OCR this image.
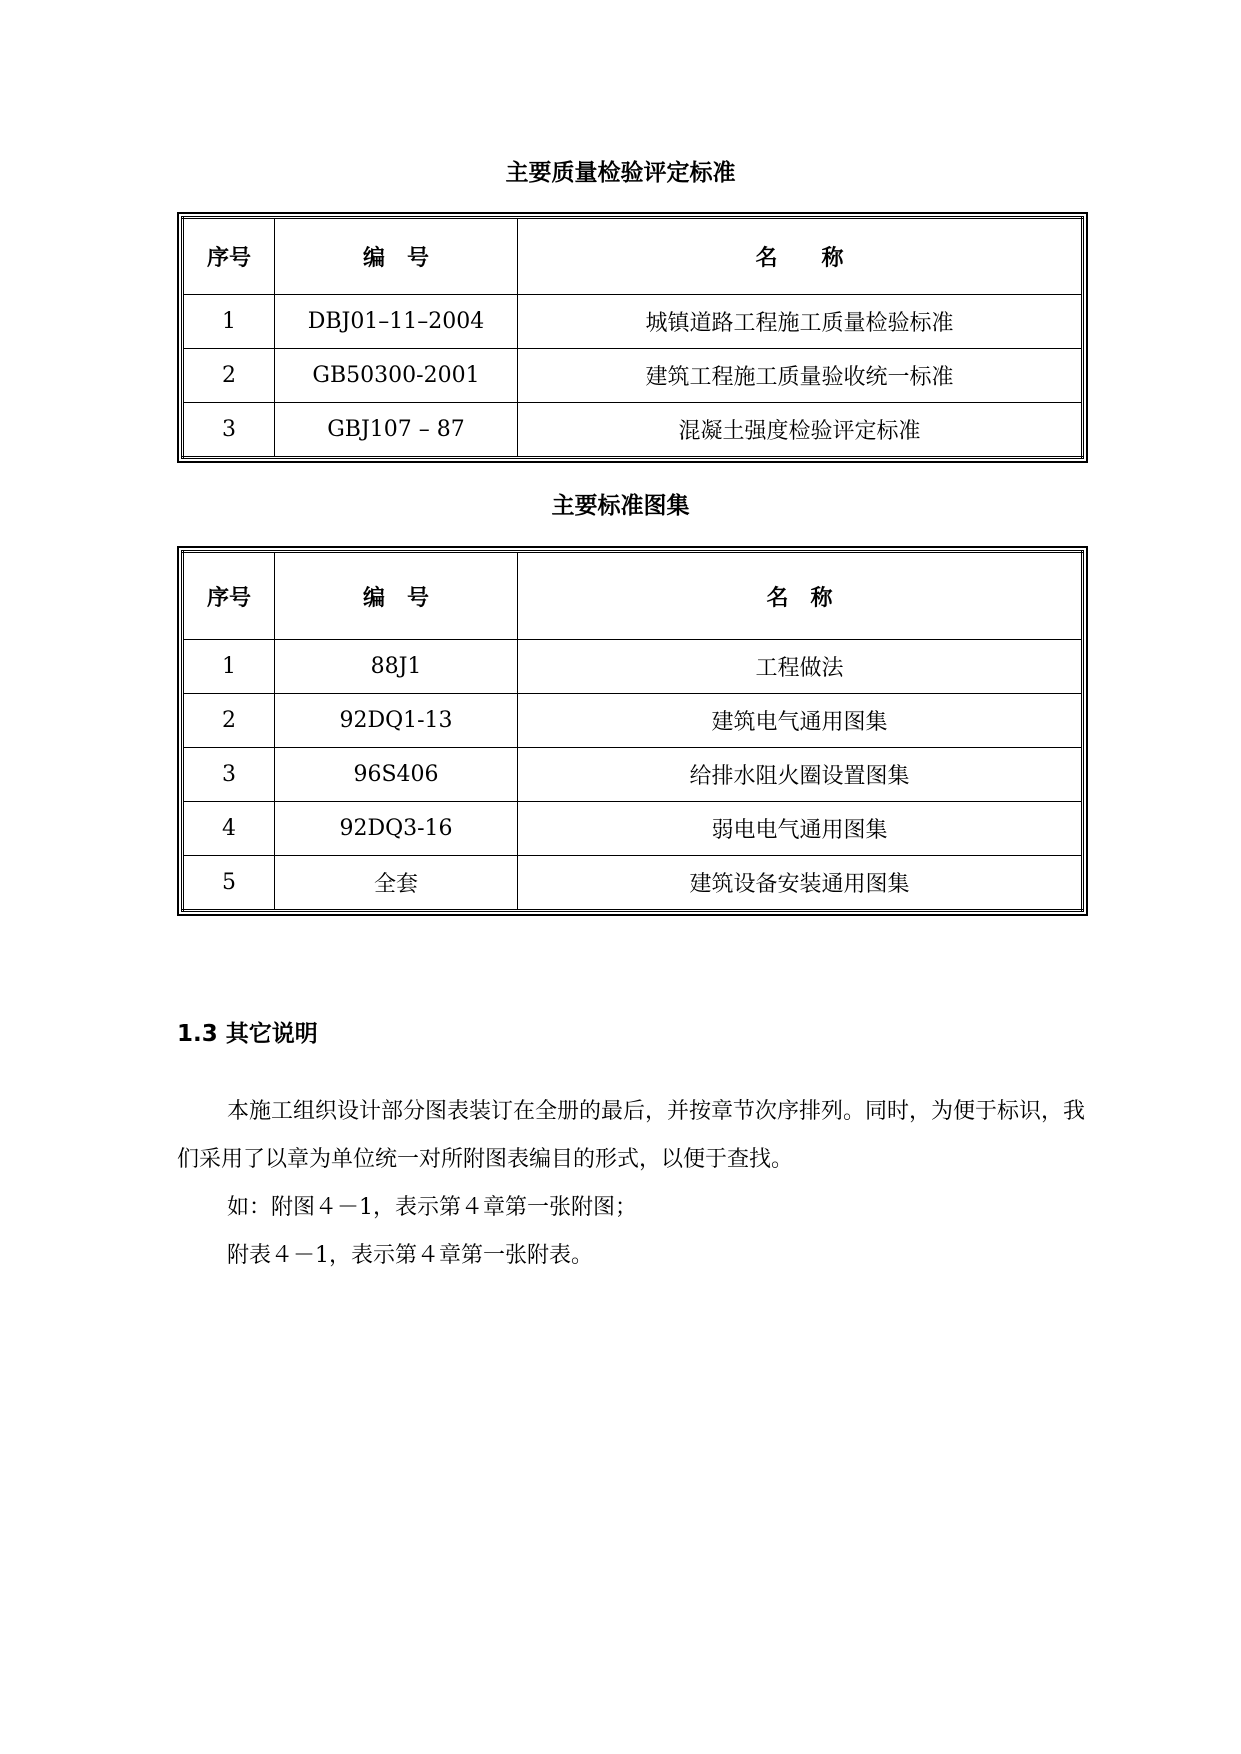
主要质量检验评定标准
序号	编　号	名　　称
1	DBJ01–11–2004	城镇道路工程施工质量检验标准
2	GB50300-2001	建筑工程施工质量验收统一标准
3	GBJ107 – 87	混凝土强度检验评定标准
主要标准图集
序号	编　号	名　称
1	88J1	工程做法
2	92DQ1-13	建筑电气通用图集
3	96S406	给排水阻火圈设置图集
4	92DQ3-16	弱电电气通用图集
5	全套	建筑设备安装通用图集
1.3 其它说明
本施工组织设计部分图表装订在全册的最后，并按章节次序排列。同时，为便于标识，我们采用了以章为单位统一对所附图表编目的形式，以便于查找。
如：附图４－1，表示第４章第一张附图；
附表４－1，表示第４章第一张附表。
